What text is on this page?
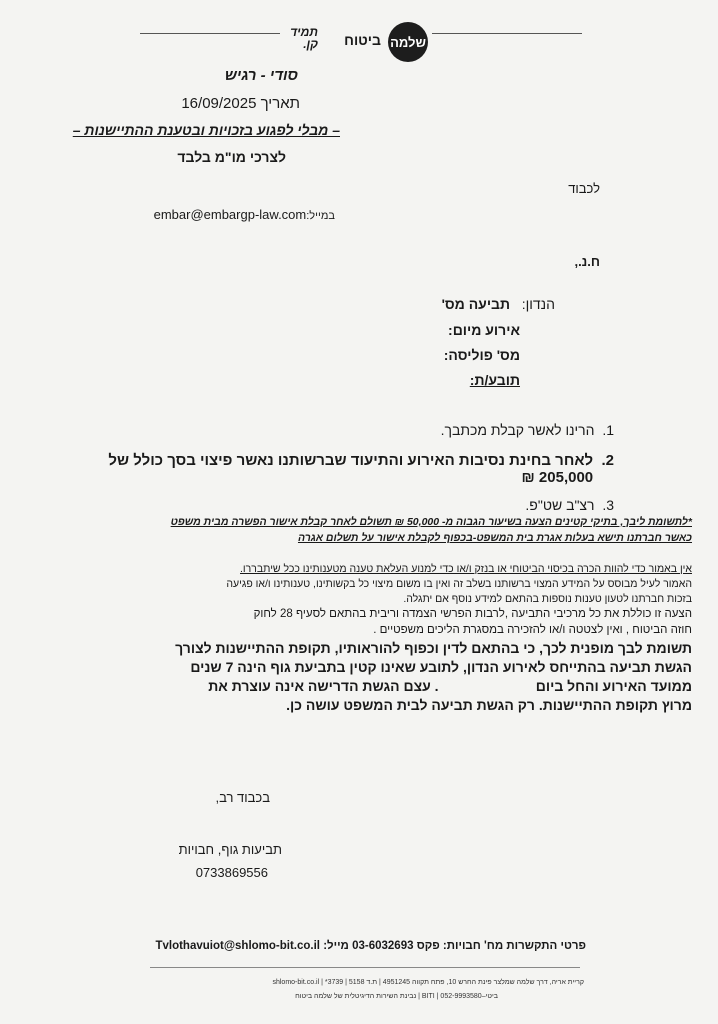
תמיד קן. ביטוח שלמה
סודי - רגיש
תאריך 16/09/2025
– מבלי לפגוע בזכויות ובטענת ההתיישנות –
לצרכי מו"מ בלבד
לכבוד
במייל:embar@embargp-law.com
ח.נ.,
הנדון:   תביעה מס'
אירוע מיום:
מס' פוליסה:
תובע/ת:
1.  הרינו לאשר קבלת מכתבך.
2.  לאחר בחינת נסיבות האירוע והתיעוד שברשותנו נאשר פיצוי בסך כולל של
205,000 ₪
3.  רצ"ב שט"פ.
*לתשומת ליבך, בתיקי קטינים הצעה בשיעור הגבוה מ- 50,000 ₪ תשולם לאחר קבלת אישור הפשרה מבית משפט
כאשר חברתנו תישא בעלות אגרת בית המשפט-בכפוף לקבלת אישור על תשלום אגרה
אין באמור כדי להוות הכרה בכיסוי הביטוחי או בנזק ו/או כדי למנוע העלאת טענה מטענותינו ככל שיתבררו.
האמור לעיל מבוסס על המידע המצוי ברשותנו בשלב זה ואין בו משום מיצוי כל בקשותינו, טענותינו ו/או פגיעה
בזכות חברתנו לטעון טענות נוספות בהתאם למידע נוסף אם יתגלה.
הצעה זו כוללת את כל מרכיבי התביעה ,לרבות הפרשי הצמדה וריבית בהתאם לסעיף 28 לחוק
חוזה הביטוח , ואין לצטטה ו/או להזכירה במסגרת הליכים משפטיים .
תשומת לבך מופנית לכך, כי בהתאם לדין וכפוף להוראותיו, תקופת ההתיישנות לצורך
הגשת תביעה בהתייחס לאירוע הנדון, לתובע שאינו קטין בתביעת גוף הינה 7 שנים
ממועד האירוע והחל ביום                         . עצם הגשת הדרישה אינה עוצרת את
מרוץ תקופת ההתיישנות. רק הגשת תביעה לבית המשפט עושה כן.
בכבוד רב,
תביעות גוף, חבויות
0733869556
פרטי התקשרות מח' חבויות: פקס 03-6032693 מייל: Tvlothavuiot@shlomo-bit.co.il
קריית אריה, דרך שלמה שמלצר פינת החרש 10, פתח תקווה 4951245 | ת.ד 5158 | shlomo-bit.co.il | *3739
ביטי–BITI | 052-9993580 | נבינת השירות הדיגיטלית של שלמה ביטוח
